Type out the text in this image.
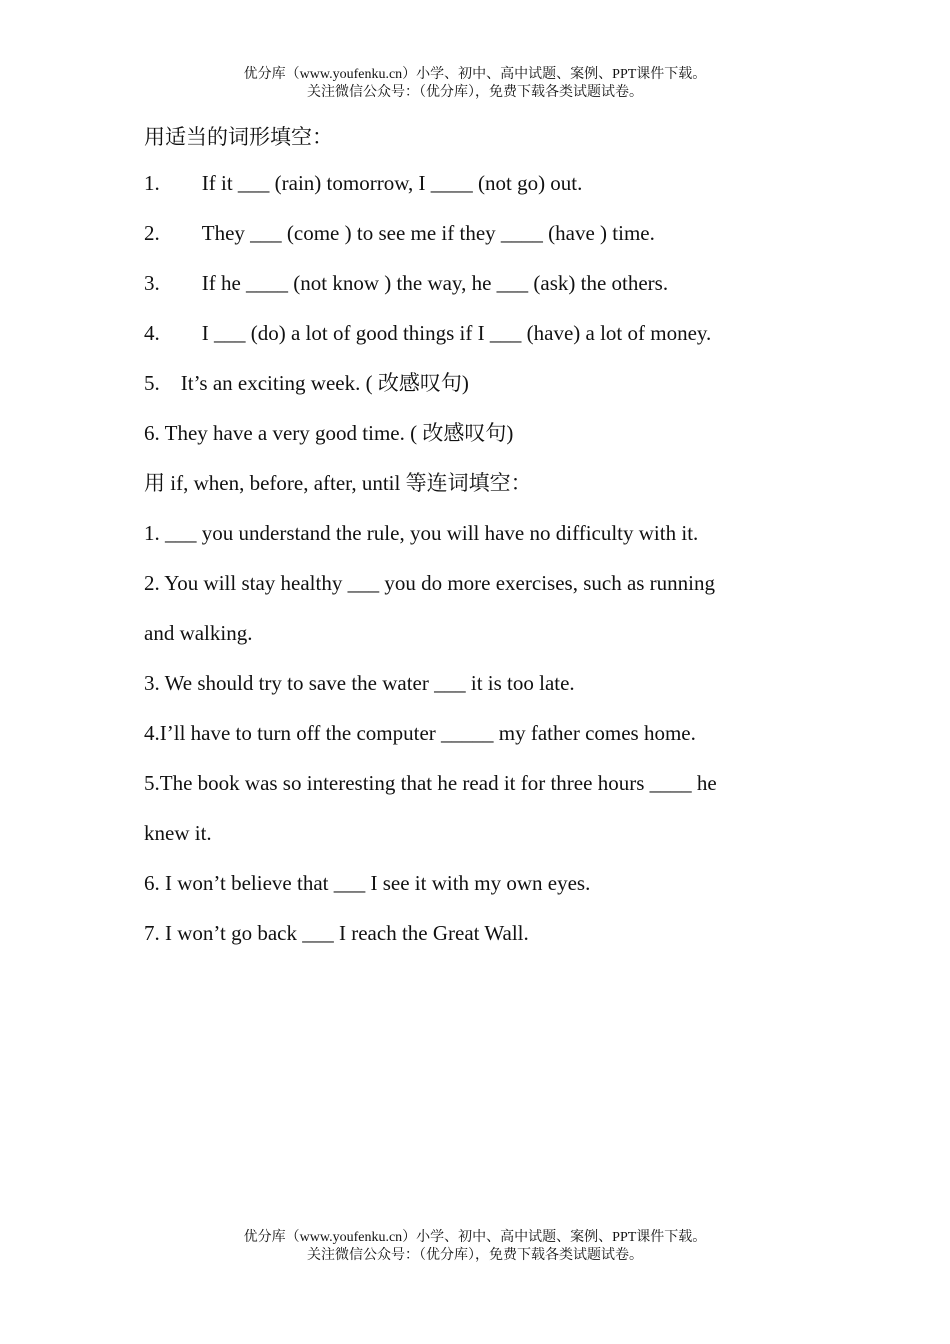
优分库（www.youfenku.cn）小学、初中、高中试题、案例、PPT课件下载。
关注微信公众号：（优分库），免费下载各类试题试卷。
用适当的词形填空：
1.　　If it ___ (rain) tomorrow, I ____ (not go) out.
2.　　They ___ (come ) to see me if they ____ (have ) time.
3.　　If he ____ (not know ) the way, he ___ (ask) the others.
4.　　I ___ (do) a lot of good things if I ___ (have) a lot of money.
5.　It’s an exciting week. ( 改感叹句)
6. They have a very good time. ( 改感叹句)
用 if, when, before, after, until 等连词填空：
1. ___ you understand the rule, you will have no difficulty with it.
2. You will stay healthy ___ you do more exercises, such as running
and walking.
3. We should try to save the water ___ it is too late.
4.I’ll have to turn off the computer _____ my father comes home.
5.The book was so interesting that he read it for three hours ____ he
knew it.
6. I won’t believe that ___ I see it with my own eyes.
7. I won’t go back ___ I reach the Great Wall.
优分库（www.youfenku.cn）小学、初中、高中试题、案例、PPT课件下载。
关注微信公众号：（优分库），免费下载各类试题试卷。
